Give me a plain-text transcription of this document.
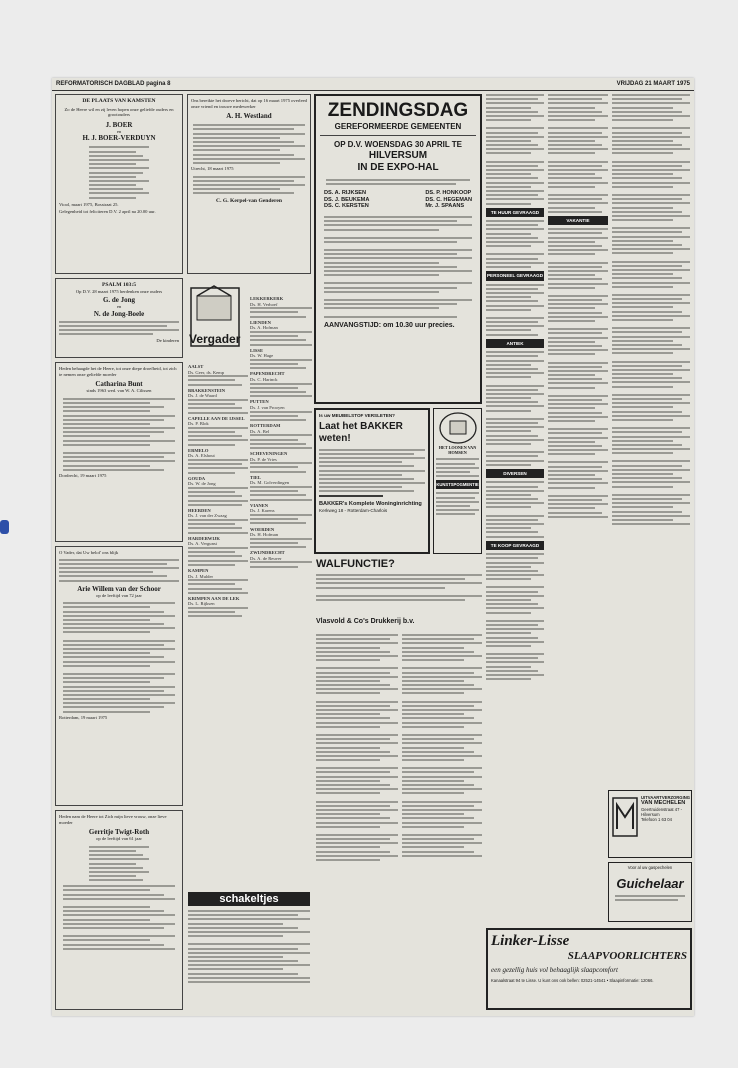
REFORMATORISCH DAGBLAD pagina 8	VRIJDAG 21 MAART 1975
DE PLAATS VAN KAMSTEN
Zo de Heere wil en zij leven hopen onze geliefde ouders en grootouders
J. BOER
en
H. J. BOER-VERDUYN
Viool, maart 1975, Bosstraat 25.
Gelegenheid tot feliciteren D.V. 2 april na 20.00 uur.
PSALM 103:5
Op D.V. 28 maart 1975 herdenken onze ouders
G. de Jong
en
N. de Jong-Boele
De kinderen
Heden behaagde het de Heere, tot onze diepe droefheid, tot zich te nemen onze geliefde moeder
Catharina Bunt
sinds 1963 wed. van W. A. Cilissen
Dordrecht, 19 maart 1975
O Vader, dat Uw belof' ons blijk
Arie Willem van der Schoor
op de leeftijd van 72 jaar
Rotterdam, 19 maart 1975
Heden nam de Heere tot Zich mijn lieve vrouw, onze lieve moeder
Gerritje Twigt-Roth
op de leeftijd van 61 jaar
Ons bereikte het droeve bericht, dat op 16 maart 1975 overleed onze vriend en trouwe medewerker
A. H. Westland
Utrecht, 18 maart 1975
C. G. Kerpel-van Genderen
Vergader
AALST
Ds. Geer, ds. Kemp
BRAKKENSTEIN
Ds. J. de Waard
CAPELLE AAN DE IJSSEL
Ds. P. Blok
ERMELO
Ds. A. Elshout
GOUDA
Ds. W. de Jong
HEERDEN
Ds. J. van der Zwaag
HARDERWIJK
Ds. A. Vergunst
KAMPEN
Ds. J. Mulder
KRIMPEN AAN DE LEK
Ds. L. Rijksen
LEKKERKERK
Ds. H. Verhoef
LIENDEN
Ds. A. Hofman
LISSE
Ds. W. Hage
PAPENDRECHT
Ds. C. Harinck
PUTTEN
Ds. J. van Prooyen
ROTTERDAM
Ds. A. Bel
SCHEVENINGEN
Ds. P. de Vries
TIEL
Ds. M. Golverdingen
VIANEN
Ds. J. Karens
WOERDEN
Ds. H. Hofman
ZWIJNDRECHT
Ds. A. de Reuver
schakeltjes
ZENDINGSDAG
GEREFORMEERDE GEMEENTEN
OP D.V. WOENSDAG 30 APRIL TE
HILVERSUM
IN DE EXPO-HAL
DS. A. RIJKSEN
DS. J. BEUKEMA
DS. C. KERSTEN
DS. P. HONKOOP
DS. C. HEGEMAN
Mr. J. SPAANS
AANVANGSTIJD: om 10.30 uur precies.
Is uw MEUBELSTOF VERSLETEN?
Laat het BAKKER weten!
BAKKER's Komplete Woninginrichting
Kerkweg 18 - Rotterdam-Charlois
HET LOONEN VAN HOMSEN
KUNSTSPOGMENTIE
WALFUNCTIE?
Vlasvold & Co's Drukkerij b.v.
TE HUUR GEVRAAGD
PERSONEEL GEVRAAGD
ANTIEK
DIVERSEN
TE KOOP GEVRAAGD
VAKANTIE
UITVAARTVERZORGING
VAN MECHELEN
Geertruidenstraat 47 - Hilversum
Telefoon 1 63 04
Voor al uw gaspechelen
Guichelaar
Linker-Lisse
SLAAPVOORLICHTERS
een gezellig huis vol behaaglijk slaapcomfort
Kanaalstraat 94 te Lisse. U kunt ons ook bellen: 02521-14541 • Slaapinformatie: 12066.
